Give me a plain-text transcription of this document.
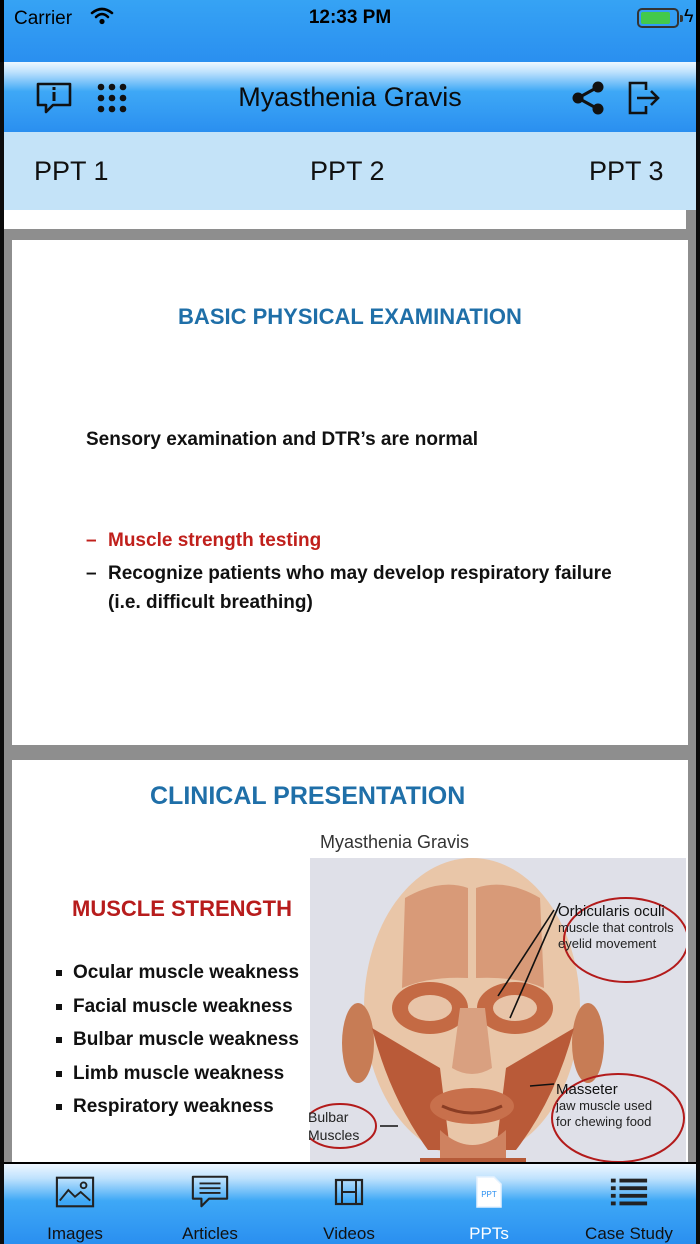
Carrier	12:33 PM	ϟ
Myasthenia Gravis
PPT 1	PPT 2	PPT 3
BASIC PHYSICAL EXAMINATION
Sensory examination and DTR’s are normal
– Muscle strength testing
– Recognize patients who may develop respiratory failure
(i.e. difficult breathing)
CLINICAL PRESENTATION
MUSCLE STRENGTH
Ocular muscle weakness
Facial muscle weakness
Bulbar muscle weakness
Limb muscle weakness
Respiratory weakness
Myasthenia Gravis
Orbicularis oculi
muscle that controls eyelid movement
Masseter
jaw muscle used for chewing food
Bulbar
Muscles
Images	Articles	Videos
PPT
PPTs	Case Study
